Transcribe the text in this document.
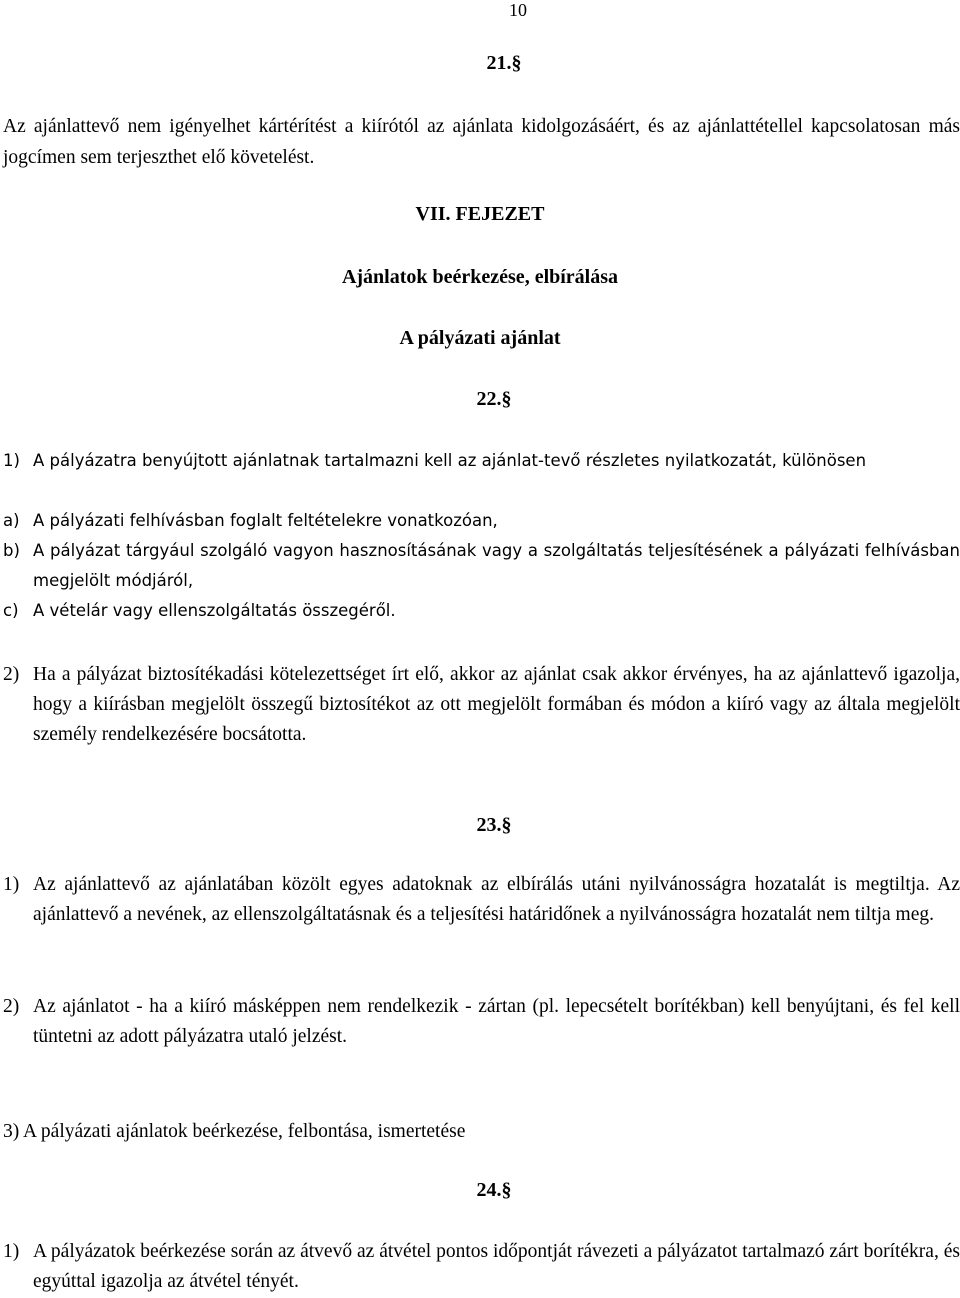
10
21.§
Az ajánlattevő nem igényelhet kártérítést a kiírótól az ajánlata kidolgozásáért, és az ajánlattétellel kapcsolatosan más jogcímen sem terjeszthet elő követelést.
VII. FEJEZET
Ajánlatok beérkezése, elbírálása
A pályázati ajánlat
22.§
1) A pályázatra benyújtott ajánlatnak tartalmazni kell az ajánlat-tevő részletes nyilatkozatát, különösen
a) A pályázati felhívásban foglalt feltételekre vonatkozóan,
b) A pályázat tárgyául szolgáló vagyon hasznosításának vagy a szolgáltatás teljesítésének a pályázati felhívásban megjelölt módjáról,
c) A vételár vagy ellenszolgáltatás összegéről.
2) Ha a pályázat biztosítékadási kötelezettséget írt elő, akkor az ajánlat csak akkor érvényes, ha az ajánlattevő igazolja, hogy a kiírásban megjelölt összegű biztosítékot az ott megjelölt formában és módon a kiíró vagy az általa megjelölt személy rendelkezésére bocsátotta.
23.§
1) Az ajánlattevő az ajánlatában közölt egyes adatoknak az elbírálás utáni nyilvánosságra hozatalát is megtiltja. Az ajánlattevő a nevének, az ellenszolgáltatásnak és a teljesítési határidőnek a nyilvánosságra hozatalát nem tiltja meg.
2) Az ajánlatot - ha a kiíró másképpen nem rendelkezik - zártan (pl. lepecsételt borítékban) kell benyújtani, és fel kell tüntetni az adott pályázatra utaló jelzést.
3) A pályázati ajánlatok beérkezése, felbontása, ismertetése
24.§
1) A pályázatok beérkezése során az átvevő az átvétel pontos időpontját rávezeti a pályázatot tartalmazó zárt borítékra, és egyúttal igazolja az átvétel tényét.
